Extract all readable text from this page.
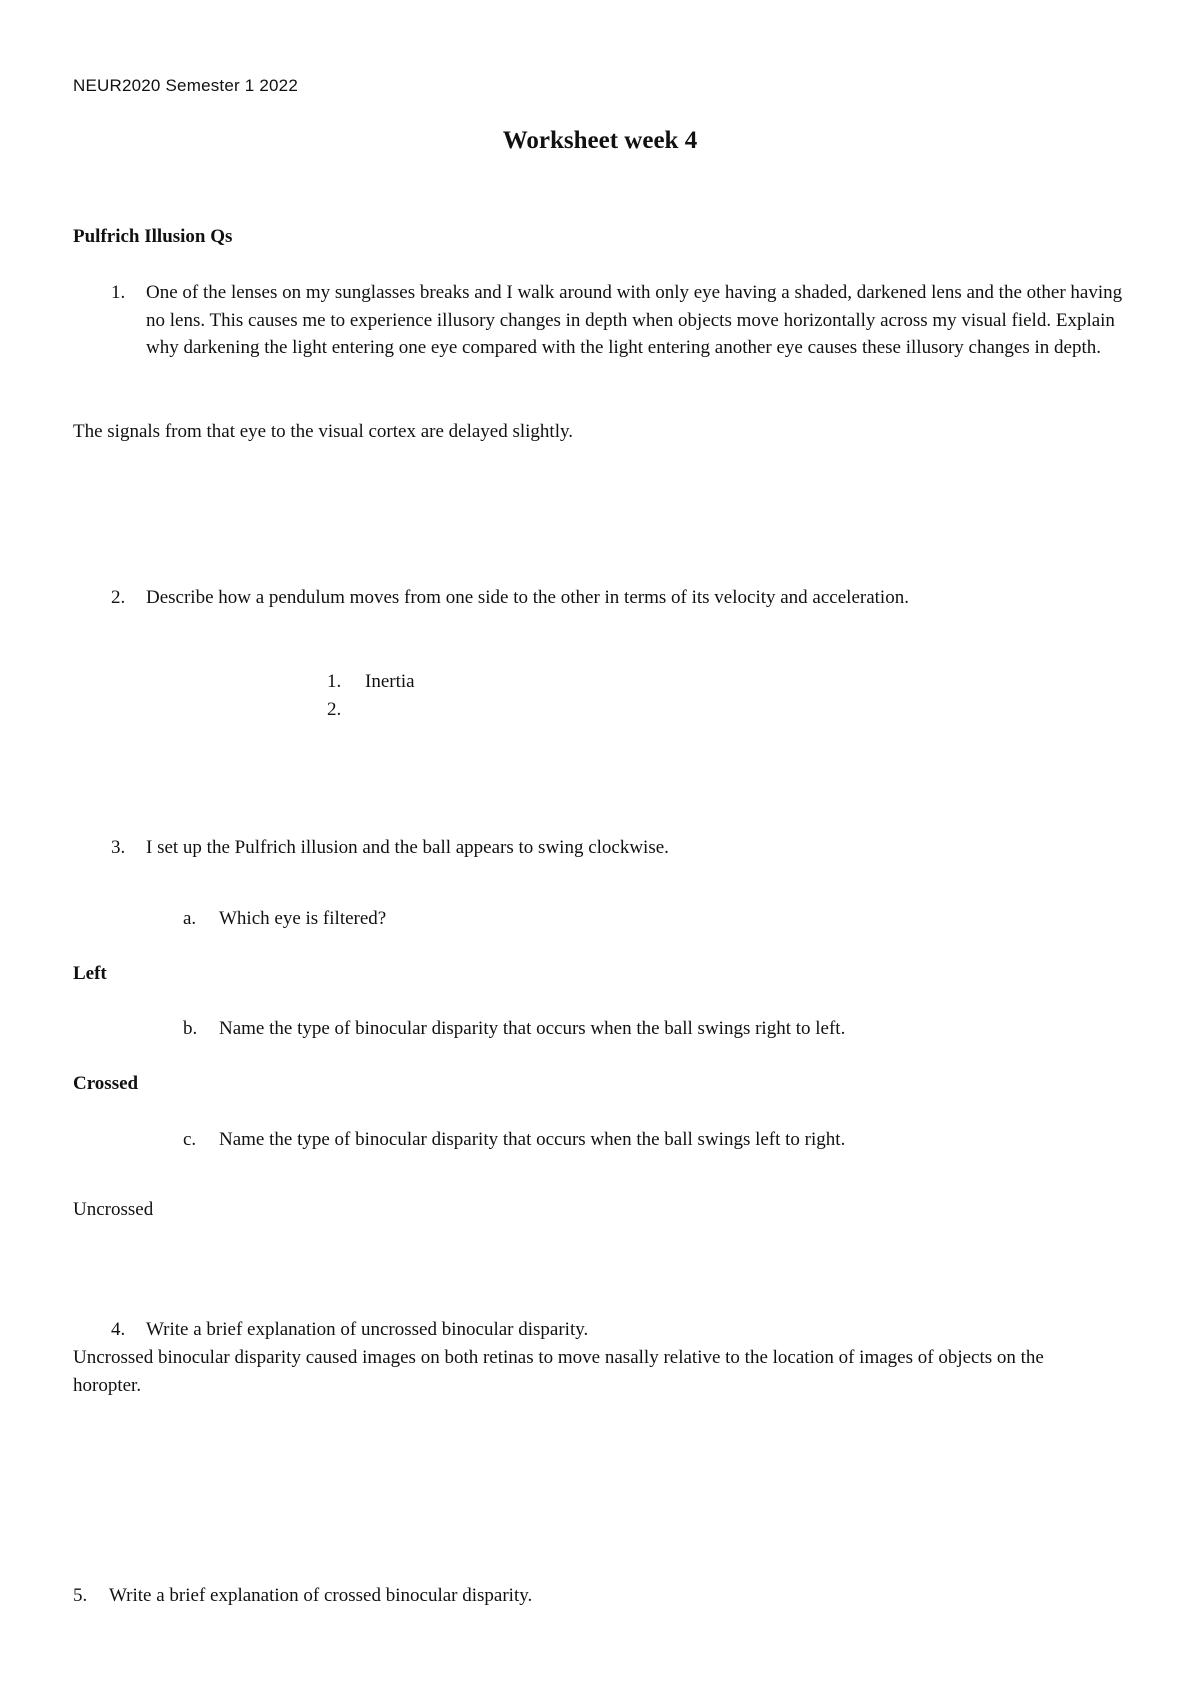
NEUR2020 Semester 1 2022
Worksheet week 4
Pulfrich Illusion Qs
1. One of the lenses on my sunglasses breaks and I walk around with only eye having a shaded, darkened lens and the other having no lens. This causes me to experience illusory changes in depth when objects move horizontally across my visual field. Explain why darkening the light entering one eye compared with the light entering another eye causes these illusory changes in depth.
The signals from that eye to the visual cortex are delayed slightly.
2. Describe how a pendulum moves from one side to the other in terms of its velocity and acceleration.
1. Inertia
2.
3. I set up the Pulfrich illusion and the ball appears to swing clockwise.
a. Which eye is filtered?
Left
b. Name the type of binocular disparity that occurs when the ball swings right to left.
Crossed
c. Name the type of binocular disparity that occurs when the ball swings left to right.
Uncrossed
4. Write a brief explanation of uncrossed binocular disparity.
Uncrossed binocular disparity caused images on both retinas to move nasally relative to the location of images of objects on the horopter.
5. Write a brief explanation of crossed binocular disparity.
